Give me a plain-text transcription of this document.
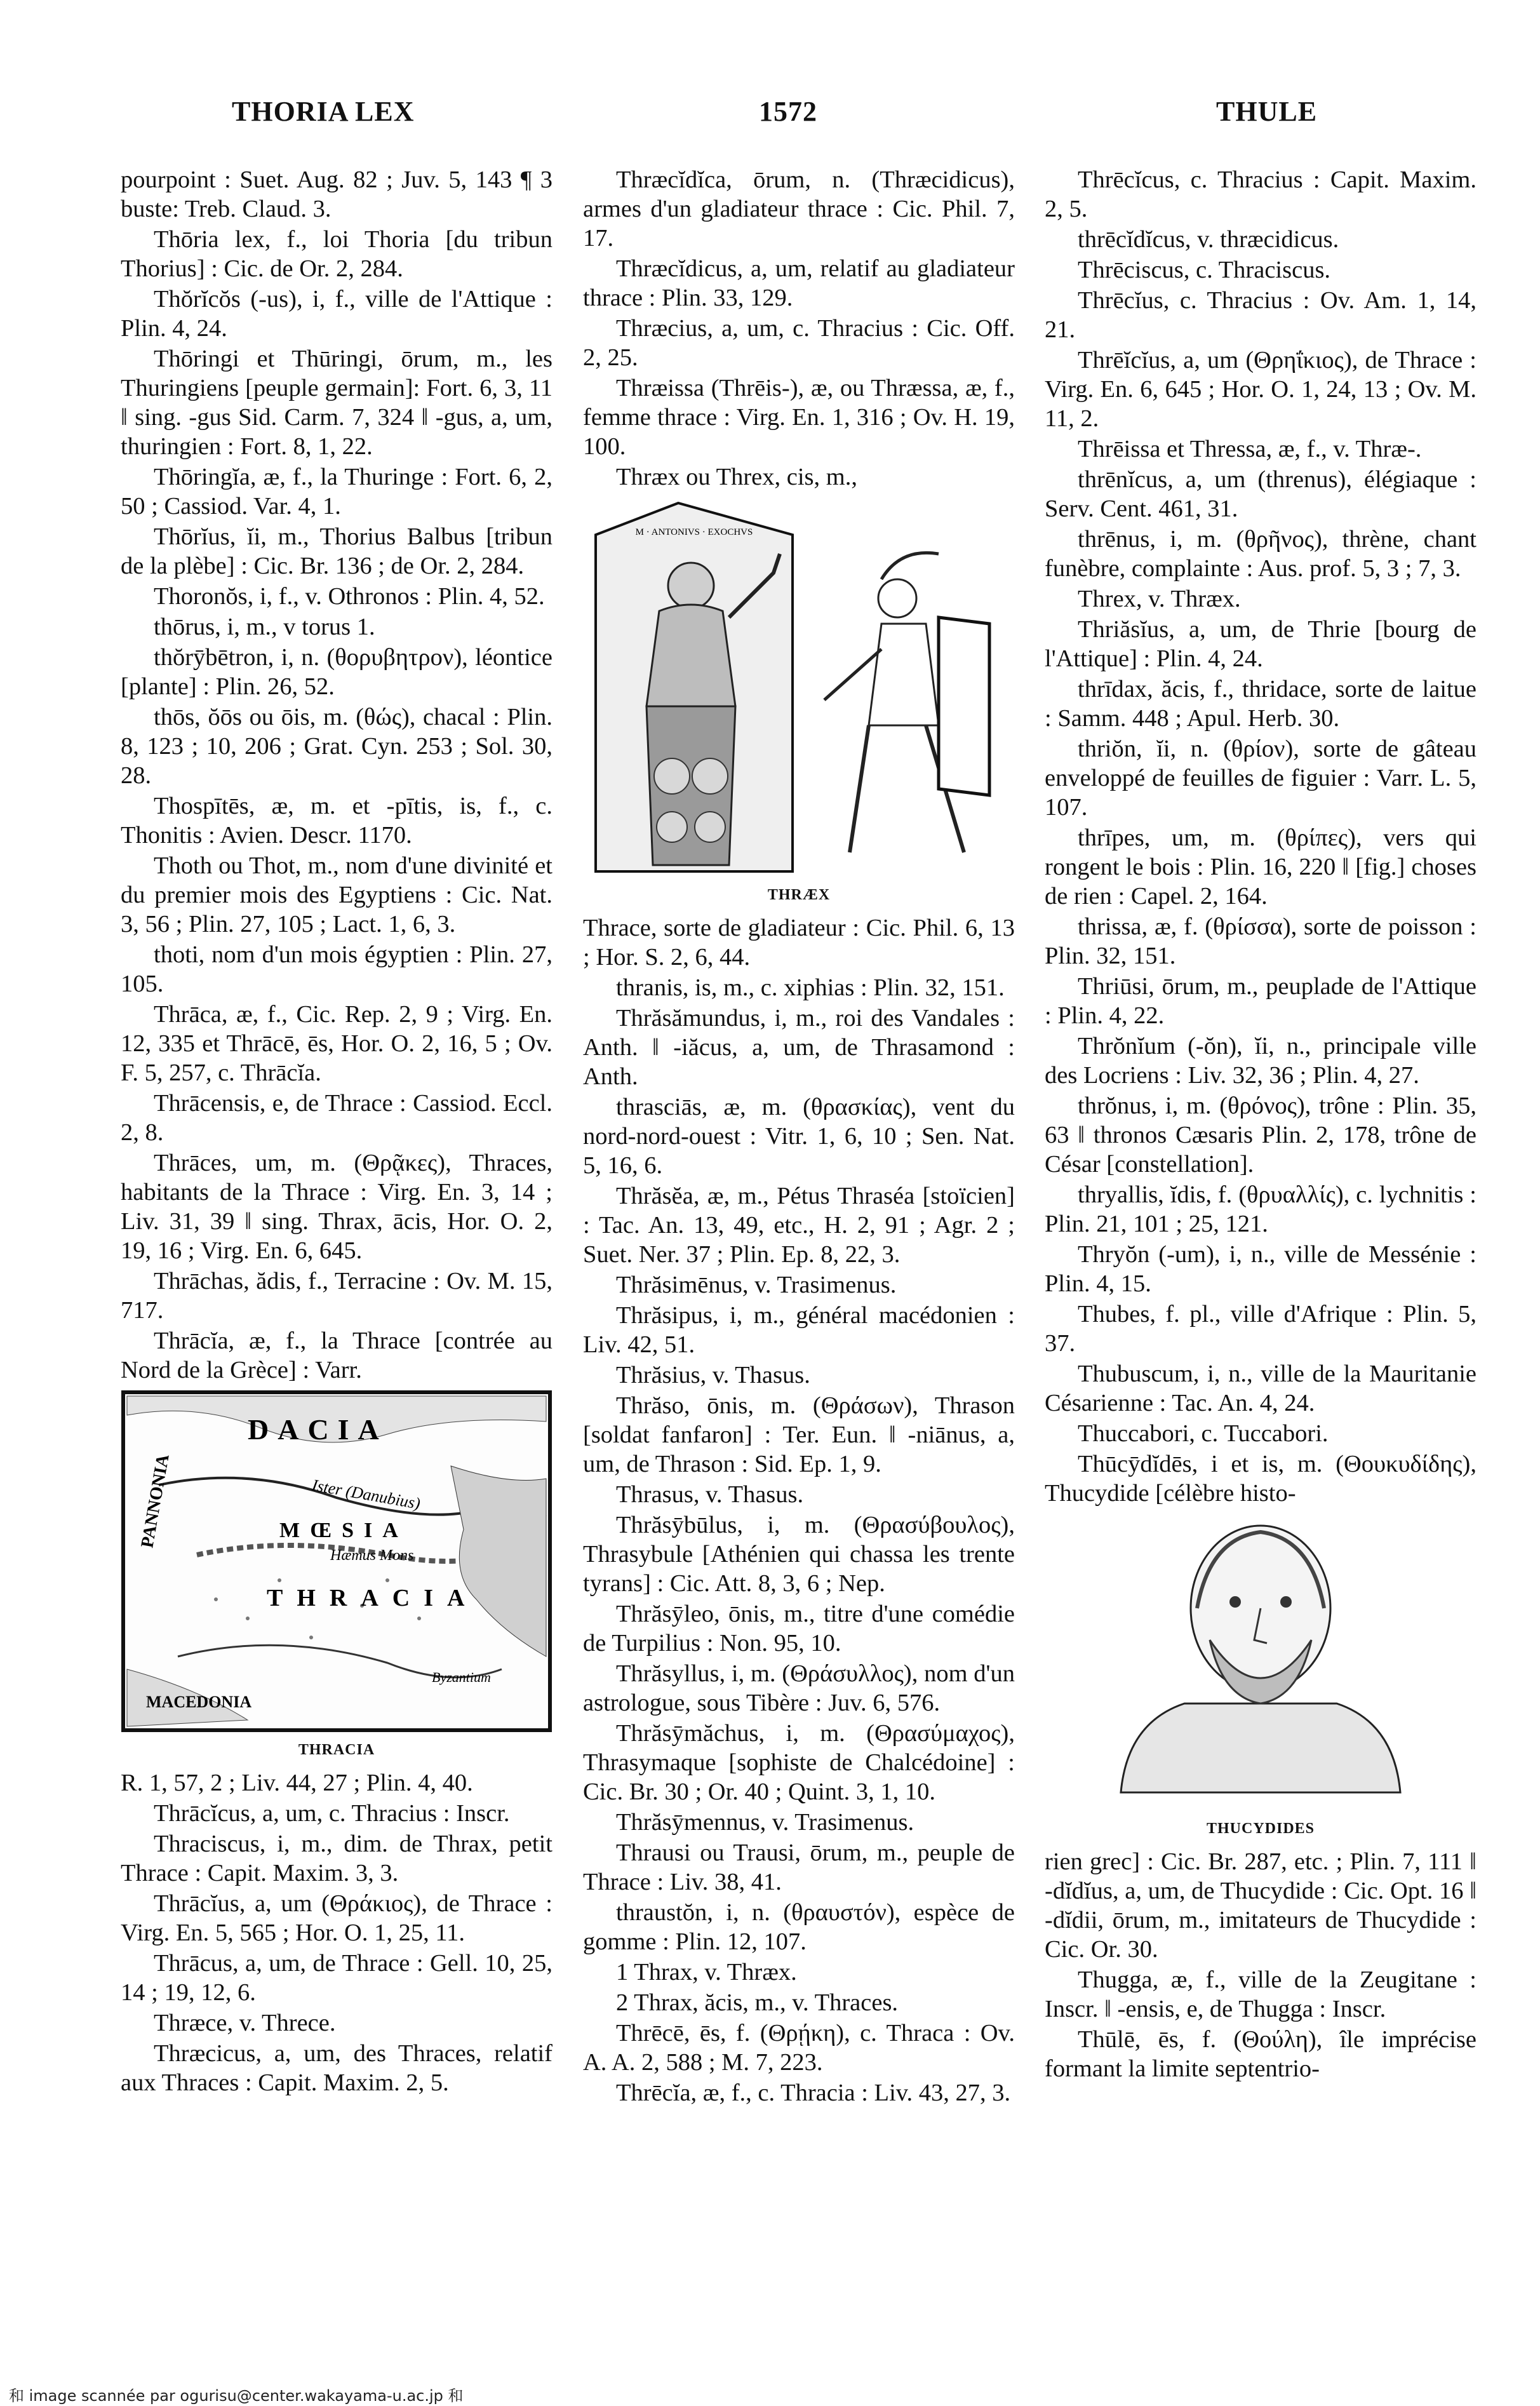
THORIA LEX	1572	THULE

pourpoint : Suet. Aug. 82 ; Juv. 5, 143 ¶ 3 buste: Treb. Claud. 3.

Thōria lex, f., loi Thoria [du tribun Thorius] : Cic. de Or. 2, 284.

Thŏrĭcŏs (-us), i, f., ville de l'Attique : Plin. 4, 24.

Thōringi et Thūringi, ōrum, m., les Thuringiens [peuple germain]: Fort. 6, 3, 11 ‖ sing. -gus Sid. Carm. 7, 324 ‖ -gus, a, um, thuringien : Fort. 8, 1, 22.

Thōringĭa, æ, f., la Thuringe : Fort. 6, 2, 50 ; Cassiod. Var. 4, 1.

Thōrĭus, ĭi, m., Thorius Balbus [tribun de la plèbe] : Cic. Br. 136 ; de Or. 2, 284.

Thoronŏs, i, f., v. Othronos : Plin. 4, 52.

thōrus, i, m., v torus 1.

thŏrȳbētron, i, n. (θορυβητρον), léontice [plante] : Plin. 26, 52.

thōs, ŏōs ou ōis, m. (θώς), chacal : Plin. 8, 123 ; 10, 206 ; Grat. Cyn. 253 ; Sol. 30, 28.

Thospītēs, æ, m. et -pītis, is, f., c. Thonitis : Avien. Descr. 1170.

Thoth ou Thot, m., nom d'une divinité et du premier mois des Egyptiens : Cic. Nat. 3, 56 ; Plin. 27, 105 ; Lact. 1, 6, 3.

thoti, nom d'un mois égyptien : Plin. 27, 105.

Thrāca, æ, f., Cic. Rep. 2, 9 ; Virg. En. 12, 335 et Thrācē, ēs, Hor. O. 2, 16, 5 ; Ov. F. 5, 257, c. Thrācĭa.

Thrācensis, e, de Thrace : Cassiod. Eccl. 2, 8.

Thrāces, um, m. (Θρᾷκες), Thraces, habitants de la Thrace : Virg. En. 3, 14 ; Liv. 31, 39 ‖ sing. Thrax, ācis, Hor. O. 2, 19, 16 ; Virg. En. 6, 645.

Thrāchas, ădis, f., Terracine : Ov. M. 15, 717.

Thrācĭa, æ, f., la Thrace [contrée au Nord de la Grèce] : Varr.

DACIA
PANNONIA	Ister (Danubius)
MŒSIA
Hæmus Mons
THRACIA
MACEDONIA
Byzantium
THRACIA

R. 1, 57, 2 ; Liv. 44, 27 ; Plin. 4, 40.

Thrācĭcus, a, um, c. Thracius : Inscr.

Thraciscus, i, m., dim. de Thrax, petit Thrace : Capit. Maxim. 3, 3.

Thrācĭus, a, um (Θράκιος), de Thrace : Virg. En. 5, 565 ; Hor. O. 1, 25, 11.

Thrācus, a, um, de Thrace : Gell. 10, 25, 14 ; 19, 12, 6.

Thræce, v. Threce.

Thræcicus, a, um, des Thraces, relatif aux Thraces : Capit. Maxim. 2, 5.

Thræcĭdĭca, ōrum, n. (Thræcidicus), armes d'un gladiateur thrace : Cic. Phil. 7, 17.

Thræcĭdicus, a, um, relatif au gladiateur thrace : Plin. 33, 129.

Thræcius, a, um, c. Thracius : Cic. Off. 2, 25.

Thræissa (Thrēis-), æ, ou Thræssa, æ, f., femme thrace : Virg. En. 1, 316 ; Ov. H. 19, 100.

Thræx ou Threx, cis, m.,

M · ANTONIVS · EXOCHVS
THRÆX

Thrace, sorte de gladiateur : Cic. Phil. 6, 13 ; Hor. S. 2, 6, 44.

thranis, is, m., c. xiphias : Plin. 32, 151.

Thrăsămundus, i, m., roi des Vandales : Anth. ‖ -iăcus, a, um, de Thrasamond : Anth.

thrasciās, æ, m. (θρασκίας), vent du nord-nord-ouest : Vitr. 1, 6, 10 ; Sen. Nat. 5, 16, 6.

Thrăsĕa, æ, m., Pétus Thraséa [stoïcien] : Tac. An. 13, 49, etc., H. 2, 91 ; Agr. 2 ; Suet. Ner. 37 ; Plin. Ep. 8, 22, 3.

Thrăsimēnus, v. Trasimenus.

Thrăsipus, i, m., général macédonien : Liv. 42, 51.

Thrăsius, v. Thasus.

Thrăso, ōnis, m. (Θράσων), Thrason [soldat fanfaron] : Ter. Eun. ‖ -niānus, a, um, de Thrason : Sid. Ep. 1, 9.

Thrasus, v. Thasus.

Thrăsȳbūlus, i, m. (Θρασύβουλος), Thrasybule [Athénien qui chassa les trente tyrans] : Cic. Att. 8, 3, 6 ; Nep.

Thrăsȳleo, ōnis, m., titre d'une comédie de Turpilius : Non. 95, 10.

Thrăsyllus, i, m. (Θράσυλλος), nom d'un astrologue, sous Tibère : Juv. 6, 576.

Thrăsȳmăchus, i, m. (Θρασύμαχος), Thrasymaque [sophiste de Chalcédoine] : Cic. Br. 30 ; Or. 40 ; Quint. 3, 1, 10.

Thrăsȳmennus, v. Trasimenus.

Thrausi ou Trausi, ōrum, m., peuple de Thrace : Liv. 38, 41.

thraustŏn, i, n. (θραυστόν), espèce de gomme : Plin. 12, 107.

1 Thrax, v. Thræx.

2 Thrax, ăcis, m., v. Thraces.

Thrēcē, ēs, f. (Θρῄκη), c. Thraca : Ov. A. A. 2, 588 ; M. 7, 223.

Thrēcĭa, æ, f., c. Thracia : Liv. 43, 27, 3.

Thrēcĭcus, c. Thracius : Capit. Maxim. 2, 5.

thrēcĭdĭcus, v. thræcidicus.

Thrēciscus, c. Thraciscus.

Thrēcĭus, c. Thracius : Ov. Am. 1, 14, 21.

Thrēĭcĭus, a, um (Θρηΐκιος), de Thrace : Virg. En. 6, 645 ; Hor. O. 1, 24, 13 ; Ov. M. 11, 2.

Thrēissa et Thressa, æ, f., v. Thræ-.

thrēnĭcus, a, um (threnus), élégiaque : Serv. Cent. 461, 31.

thrēnus, i, m. (θρῆνος), thrène, chant funèbre, complainte : Aus. prof. 5, 3 ; 7, 3.

Threx, v. Thræx.

Thriăsĭus, a, um, de Thrie [bourg de l'Attique] : Plin. 4, 24.

thrīdax, ăcis, f., thridace, sorte de laitue : Samm. 448 ; Apul. Herb. 30.

thriŏn, ĭi, n. (θρίον), sorte de gâteau enveloppé de feuilles de figuier : Varr. L. 5, 107.

thrīpes, um, m. (θρίπες), vers qui rongent le bois : Plin. 16, 220 ‖ [fig.] choses de rien : Capel. 2, 164.

thrissa, æ, f. (θρίσσα), sorte de poisson : Plin. 32, 151.

Thriūsi, ōrum, m., peuplade de l'Attique : Plin. 4, 22.

Thrŏnĭum (-ŏn), ĭi, n., principale ville des Locriens : Liv. 32, 36 ; Plin. 4, 27.

thrŏnus, i, m. (θρόνος), trône : Plin. 35, 63 ‖ thronos Cæsaris Plin. 2, 178, trône de César [constellation].

thryallis, ĭdis, f. (θρυαλλίς), c. lychnitis : Plin. 21, 101 ; 25, 121.

Thryŏn (-um), i, n., ville de Messénie : Plin. 4, 15.

Thubes, f. pl., ville d'Afrique : Plin. 5, 37.

Thubuscum, i, n., ville de la Mauritanie Césarienne : Tac. An. 4, 24.

Thuccabori, c. Tuccabori.

Thūcȳdĭdēs, i et is, m. (Θουκυδίδης), Thucydide [célèbre histo-

THUCYDIDES

rien grec] : Cic. Br. 287, etc. ; Plin. 7, 111 ‖ -dĭdĭus, a, um, de Thucydide : Cic. Opt. 16 ‖ -dĭdii, ōrum, m., imitateurs de Thucydide : Cic. Or. 30.

Thugga, æ, f., ville de la Zeugitane : Inscr. ‖ -ensis, e, de Thugga : Inscr.

Thūlē, ēs, f. (Θούλη), île imprécise formant la limite septentrio-

和 image scannée par ogurisu@center.wakayama-u.ac.jp 和
